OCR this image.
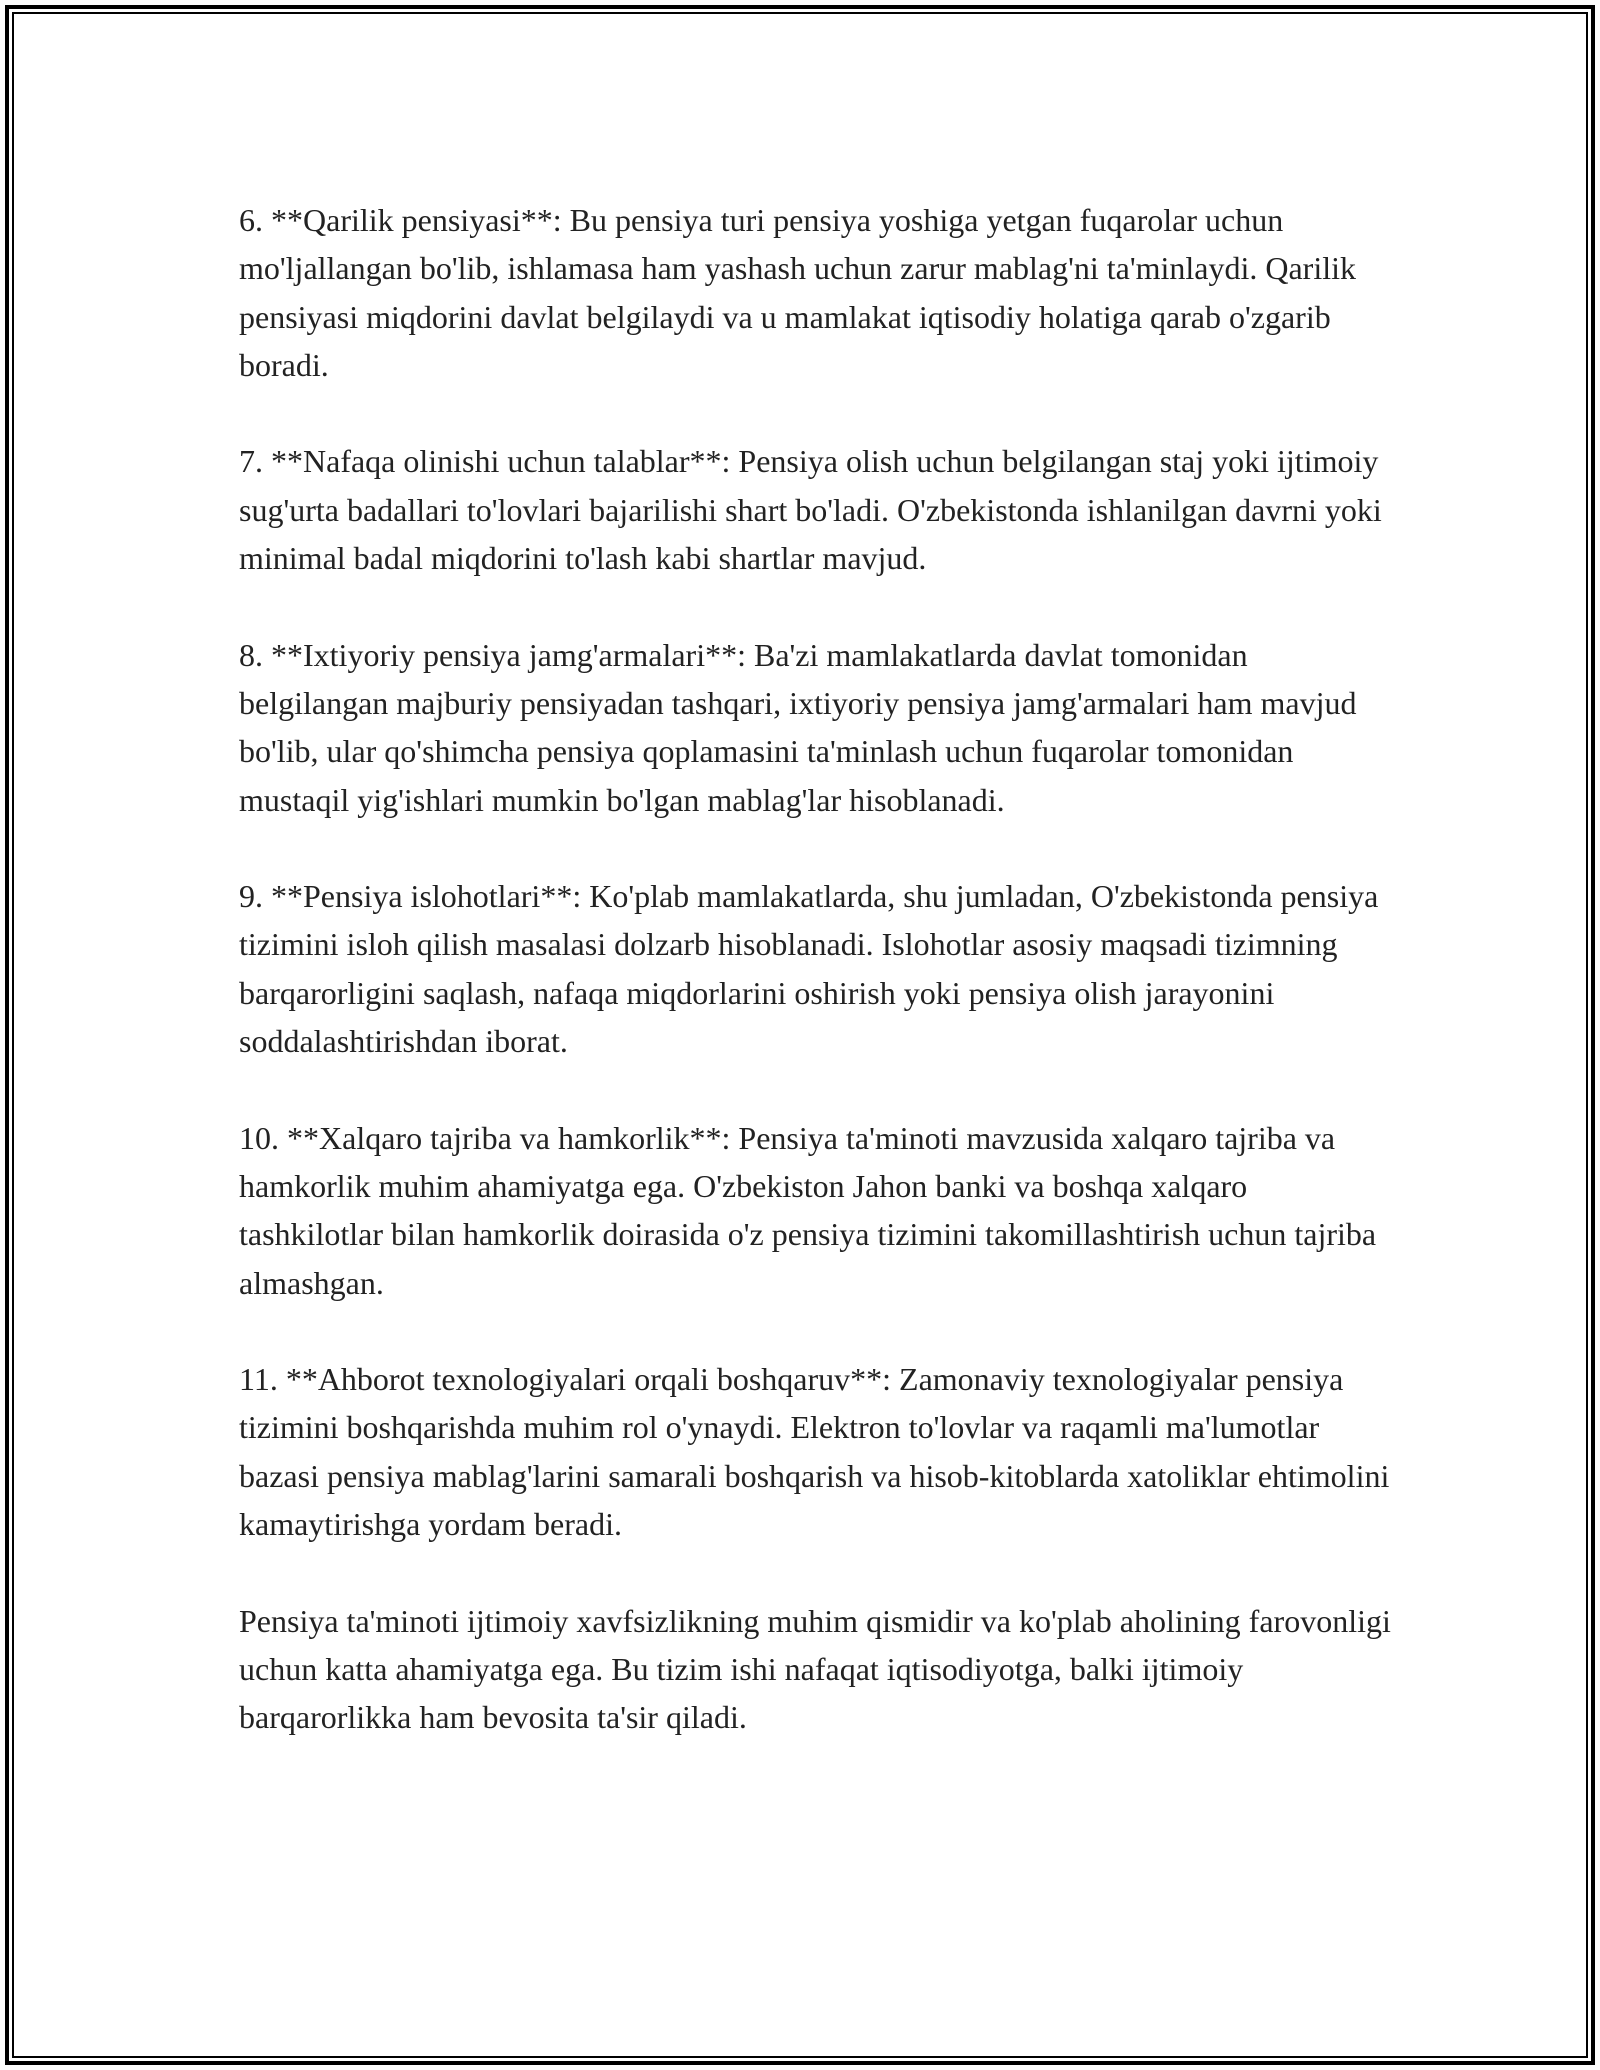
6. **Qarilik pensiyasi**: Bu pensiya turi pensiya yoshiga yetgan fuqarolar uchun mo'ljallangan bo'lib, ishlamasa ham yashash uchun zarur mablag'ni ta'minlaydi. Qarilik pensiyasi miqdorini davlat belgilaydi va u mamlakat iqtisodiy holatiga qarab o'zgarib boradi.

7. **Nafaqa olinishi uchun talablar**: Pensiya olish uchun belgilangan staj yoki ijtimoiy sug'urta badallari to'lovlari bajarilishi shart bo'ladi. O'zbekistonda ishlanilgan davrni yoki minimal badal miqdorini to'lash kabi shartlar mavjud.

8. **Ixtiyoriy pensiya jamg'armalari**: Ba'zi mamlakatlarda davlat tomonidan belgilangan majburiy pensiyadan tashqari, ixtiyoriy pensiya jamg'armalari ham mavjud bo'lib, ular qo'shimcha pensiya qoplamasini ta'minlash uchun fuqarolar tomonidan mustaqil yig'ishlari mumkin bo'lgan mablag'lar hisoblanadi.

9. **Pensiya islohotlari**: Ko'plab mamlakatlarda, shu jumladan, O'zbekistonda pensiya tizimini isloh qilish masalasi dolzarb hisoblanadi. Islohotlar asosiy maqsadi tizimning barqarorligini saqlash, nafaqa miqdorlarini oshirish yoki pensiya olish jarayonini soddalashtirishdan iborat.

10. **Xalqaro tajriba va hamkorlik**: Pensiya ta'minoti mavzusida xalqaro tajriba va hamkorlik muhim ahamiyatga ega. O'zbekiston Jahon banki va boshqa xalqaro tashkilotlar bilan hamkorlik doirasida o'z pensiya tizimini takomillashtirish uchun tajriba almashgan.

11. **Ahborot texnologiyalari orqali boshqaruv**: Zamonaviy texnologiyalar pensiya tizimini boshqarishda muhim rol o'ynaydi. Elektron to'lovlar va raqamli ma'lumotlar bazasi pensiya mablag'larini samarali boshqarish va hisob-kitoblarda xatoliklar ehtimolini kamaytirishga yordam beradi.

Pensiya ta'minoti ijtimoiy xavfsizlikning muhim qismidir va ko'plab aholining farovonligi uchun katta ahamiyatga ega. Bu tizim ishi nafaqat iqtisodiyotga, balki ijtimoiy barqarorlikka ham bevosita ta'sir qiladi.
